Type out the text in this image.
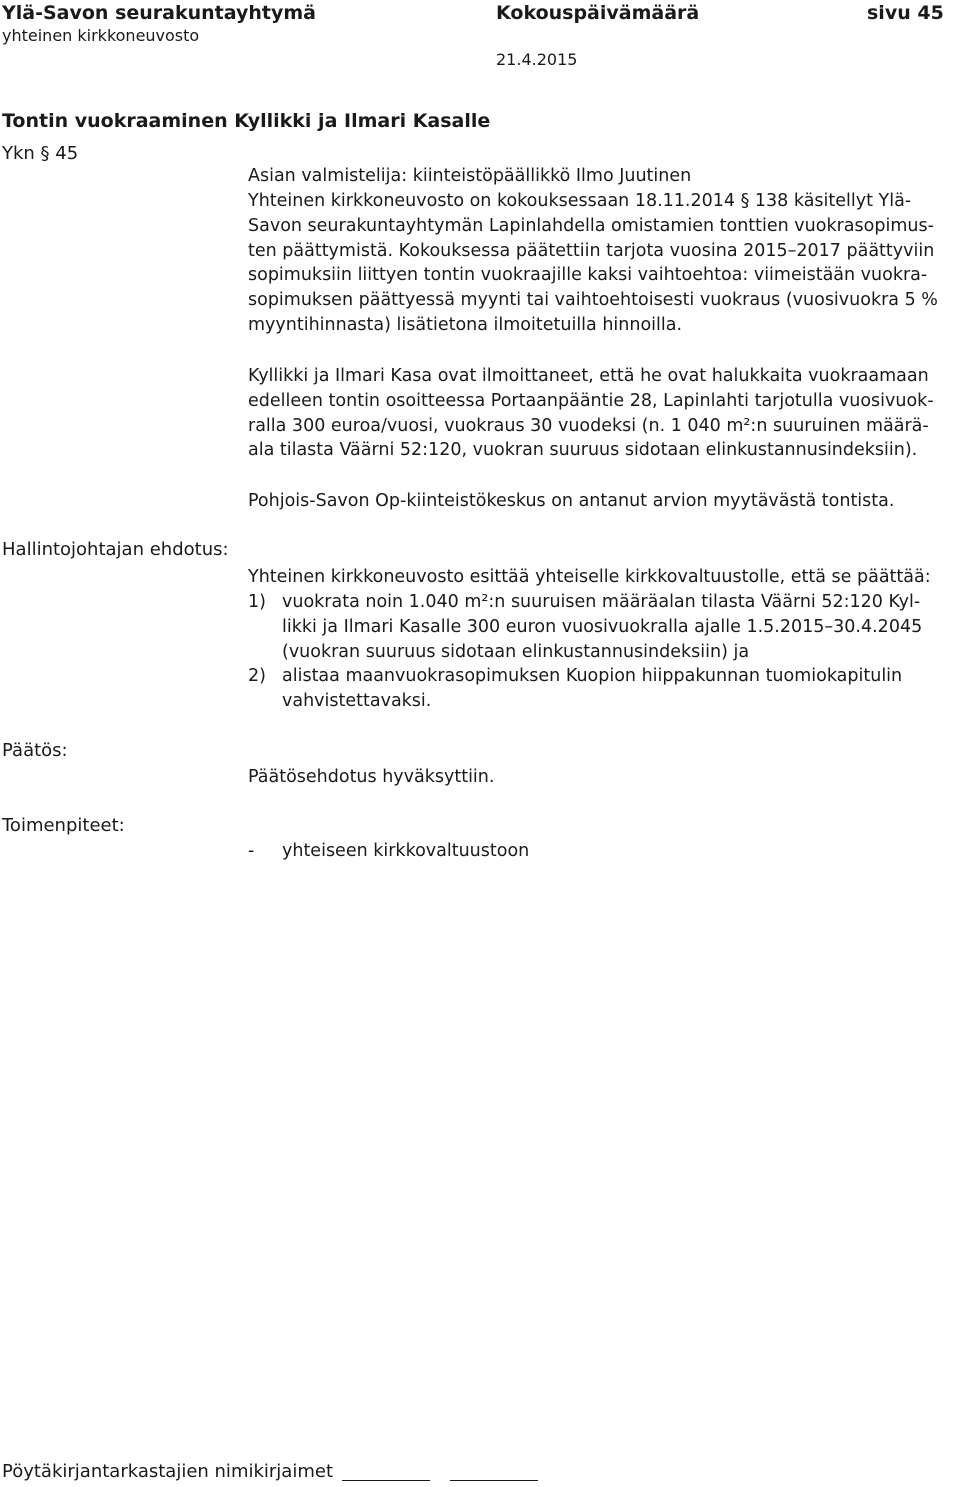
Ylä-Savon seurakuntayhtymä	Kokouspäivämäärä	sivu 45
yhteinen kirkkoneuvosto
21.4.2015
Tontin vuokraaminen Kyllikki ja Ilmari Kasalle
Ykn § 45
Asian valmistelija: kiinteistöpäällikkö Ilmo Juutinen
Yhteinen kirkkoneuvosto on kokouksessaan 18.11.2014 § 138 käsitellyt Ylä-
Savon seurakuntayhtymän Lapinlahdella omistamien tonttien vuokrasopimus-
ten päättymistä. Kokouksessa päätettiin tarjota vuosina 2015–2017 päättyviin
sopimuksiin liittyen tontin vuokraajille kaksi vaihtoehtoa: viimeistään vuokra-
sopimuksen päättyessä myynti tai vaihtoehtoisesti vuokraus (vuosivuokra 5 %
myyntihinnasta) lisätietona ilmoitetuilla hinnoilla.
Kyllikki ja Ilmari Kasa ovat ilmoittaneet, että he ovat halukkaita vuokraamaan
edelleen tontin osoitteessa Portaanpääntie 28, Lapinlahti tarjotulla vuosivuok-
ralla 300 euroa/vuosi, vuokraus 30 vuodeksi (n. 1 040 m²:n suuruinen määrä-
ala tilasta Väärni 52:120, vuokran suuruus sidotaan elinkustannusindeksiin).
Pohjois-Savon Op-kiinteistökeskus on antanut arvion myytävästä tontista.
Hallintojohtajan ehdotus:
Yhteinen kirkkoneuvosto esittää yhteiselle kirkkovaltuustolle, että se päättää:
1) vuokrata noin 1.040 m²:n suuruisen määräalan tilasta Väärni 52:120 Kyl-
likki ja Ilmari Kasalle 300 euron vuosivuokralla ajalle 1.5.2015–30.4.2045
(vuokran suuruus sidotaan elinkustannusindeksiin) ja
2) alistaa maanvuokrasopimuksen Kuopion hiippakunnan tuomiokapitulin
vahvistettavaksi.
Päätös:
Päätösehdotus hyväksyttiin.
Toimenpiteet:
- yhteiseen kirkkovaltuustoon
Pöytäkirjantarkastajien nimikirjaimet
